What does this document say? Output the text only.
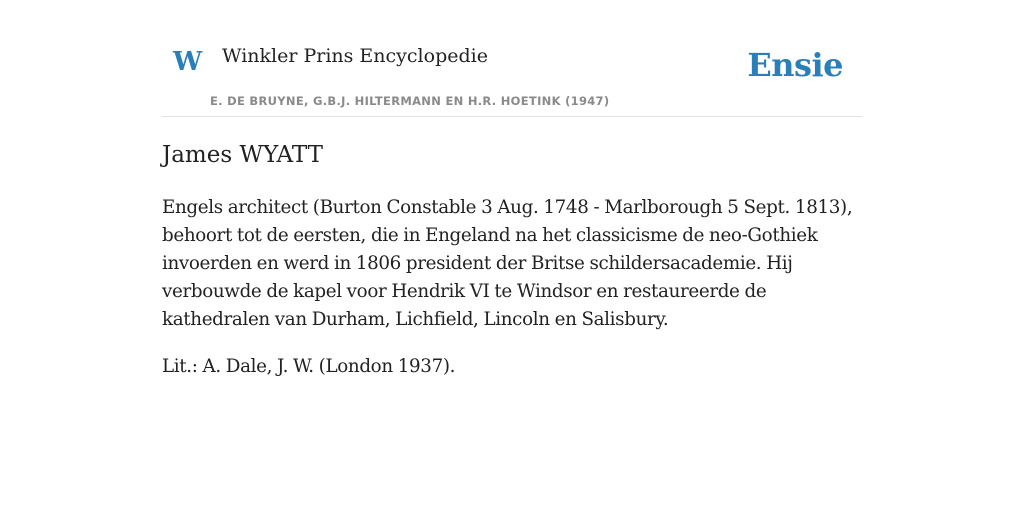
W Winkler Prins Encyclopedie
E. DE BRUYNE, G.B.J. HILTERMANN EN H.R. HOETINK (1947)
Ensie
James WYATT

Engels architect (Burton Constable 3 Aug. 1748 - Marlborough 5 Sept. 1813), behoort tot de eersten, die in Engeland na het classicisme de neo-Gothiek invoerden en werd in 1806 president der Britse schildersacademie. Hij verbouwde de kapel voor Hendrik VI te Windsor en restaureerde de kathedralen van Durham, Lichfield, Lincoln en Salisbury.

Lit.: A. Dale, J. W. (London 1937).
